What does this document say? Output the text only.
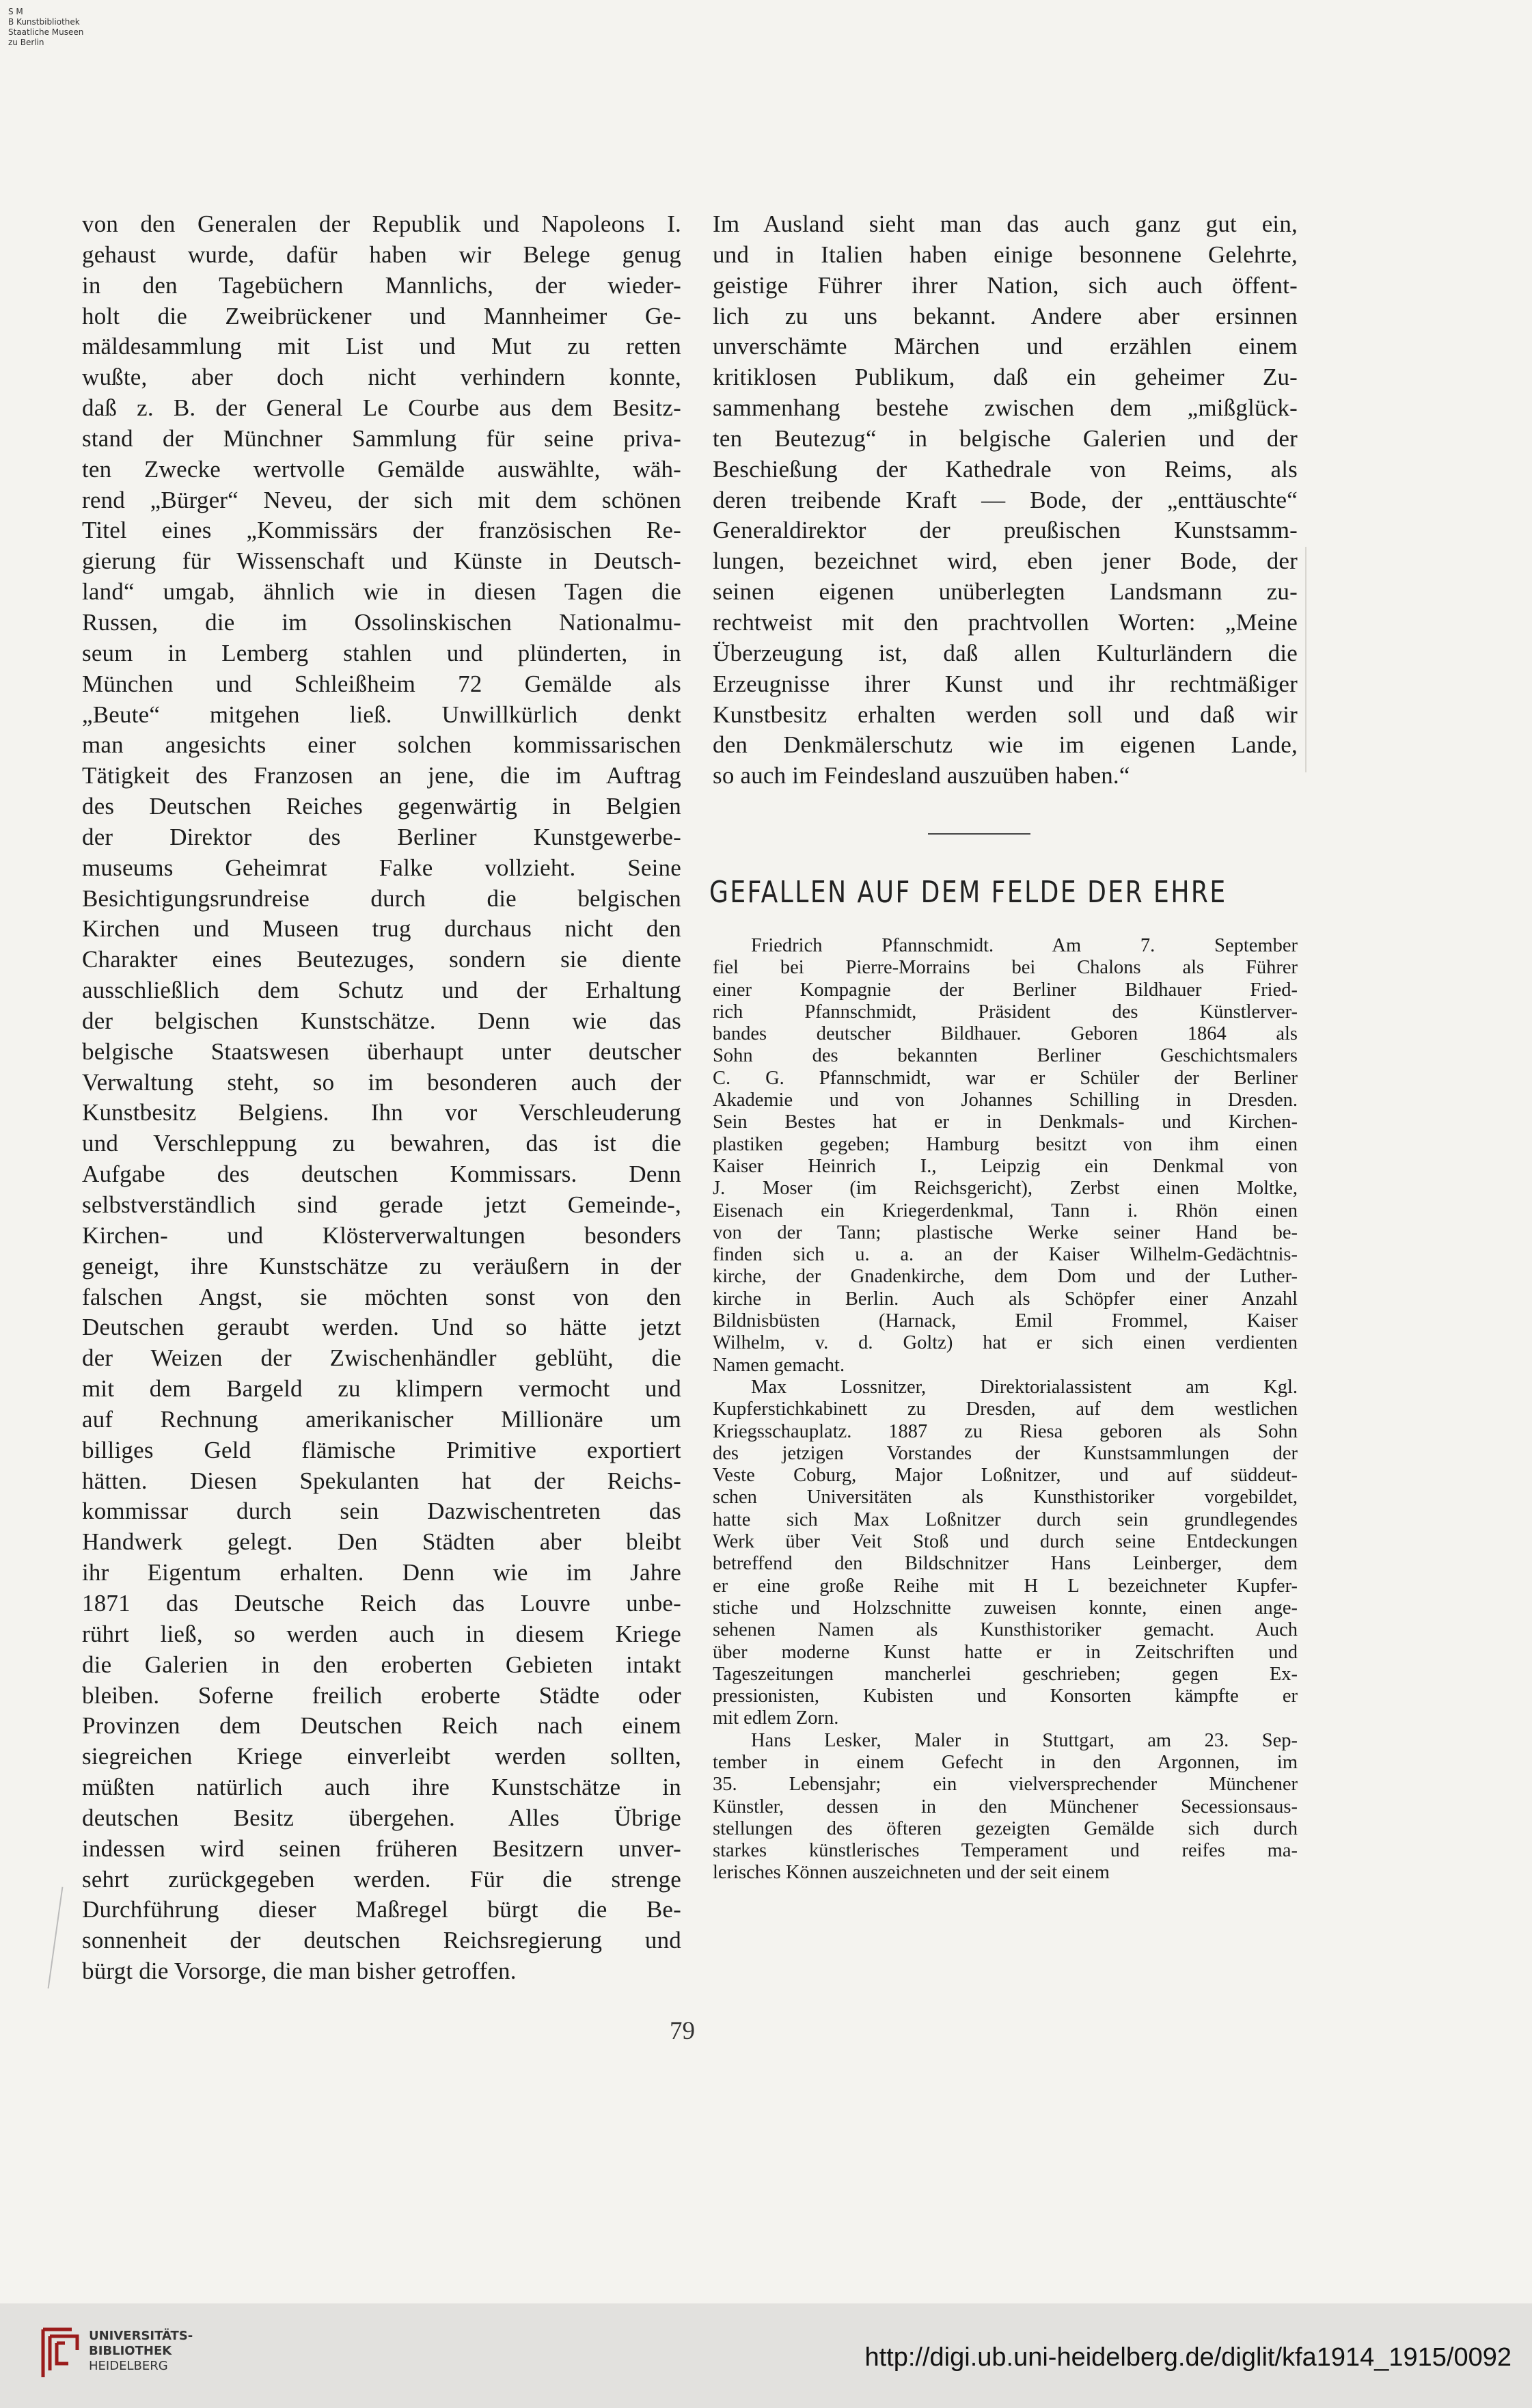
S M
B Kunstbibliothek
Staatliche Museen
zu Berlin
von den Generalen der Republik und Napoleons I.
gehaust wurde, dafür haben wir Belege genug
in den Tagebüchern Mannlichs, der wieder-
holt die Zweibrückener und Mannheimer Ge-
mäldesammlung mit List und Mut zu retten
wußte, aber doch nicht verhindern konnte,
daß z. B. der General Le Courbe aus dem Besitz-
stand der Münchner Sammlung für seine priva-
ten Zwecke wertvolle Gemälde auswählte, wäh-
rend „Bürger“ Neveu, der sich mit dem schönen
Titel eines „Kommissärs der französischen Re-
gierung für Wissenschaft und Künste in Deutsch-
land“ umgab, ähnlich wie in diesen Tagen die
Russen, die im Ossolinskischen Nationalmu-
seum in Lemberg stahlen und plünderten, in
München und Schleißheim 72 Gemälde als
„Beute“ mitgehen ließ. Unwillkürlich denkt
man angesichts einer solchen kommissarischen
Tätigkeit des Franzosen an jene, die im Auftrag
des Deutschen Reiches gegenwärtig in Belgien
der Direktor des Berliner Kunstgewerbe-
museums Geheimrat Falke vollzieht. Seine
Besichtigungsrundreise durch die belgischen
Kirchen und Museen trug durchaus nicht den
Charakter eines Beutezuges, sondern sie diente
ausschließlich dem Schutz und der Erhaltung
der belgischen Kunstschätze. Denn wie das
belgische Staatswesen überhaupt unter deutscher
Verwaltung steht, so im besonderen auch der
Kunstbesitz Belgiens. Ihn vor Verschleuderung
und Verschleppung zu bewahren, das ist die
Aufgabe des deutschen Kommissars. Denn
selbstverständlich sind gerade jetzt Gemeinde-,
Kirchen- und Klösterverwaltungen besonders
geneigt, ihre Kunstschätze zu veräußern in der
falschen Angst, sie möchten sonst von den
Deutschen geraubt werden. Und so hätte jetzt
der Weizen der Zwischenhändler geblüht, die
mit dem Bargeld zu klimpern vermocht und
auf Rechnung amerikanischer Millionäre um
billiges Geld flämische Primitive exportiert
hätten. Diesen Spekulanten hat der Reichs-
kommissar durch sein Dazwischentreten das
Handwerk gelegt. Den Städten aber bleibt
ihr Eigentum erhalten. Denn wie im Jahre
1871 das Deutsche Reich das Louvre unbe-
rührt ließ, so werden auch in diesem Kriege
die Galerien in den eroberten Gebieten intakt
bleiben. Soferne freilich eroberte Städte oder
Provinzen dem Deutschen Reich nach einem
siegreichen Kriege einverleibt werden sollten,
müßten natürlich auch ihre Kunstschätze in
deutschen Besitz übergehen. Alles Übrige
indessen wird seinen früheren Besitzern unver-
sehrt zurückgegeben werden. Für die strenge
Durchführung dieser Maßregel bürgt die Be-
sonnenheit der deutschen Reichsregierung und
bürgt die Vorsorge, die man bisher getroffen.
Im Ausland sieht man das auch ganz gut ein,
und in Italien haben einige besonnene Gelehrte,
geistige Führer ihrer Nation, sich auch öffent-
lich zu uns bekannt. Andere aber ersinnen
unverschämte Märchen und erzählen einem
kritiklosen Publikum, daß ein geheimer Zu-
sammenhang bestehe zwischen dem „mißglück-
ten Beutezug“ in belgische Galerien und der
Beschießung der Kathedrale von Reims, als
deren treibende Kraft — Bode, der „enttäuschte“
Generaldirektor der preußischen Kunstsamm-
lungen, bezeichnet wird, eben jener Bode, der
seinen eigenen unüberlegten Landsmann zu-
rechtweist mit den prachtvollen Worten: „Meine
Überzeugung ist, daß allen Kulturländern die
Erzeugnisse ihrer Kunst und ihr rechtmäßiger
Kunstbesitz erhalten werden soll und daß wir
den Denkmälerschutz wie im eigenen Lande,
so auch im Feindesland auszuüben haben.“
GEFALLEN AUF DEM FELDE DER EHRE
Friedrich Pfannschmidt. Am 7. September
fiel bei Pierre-Morrains bei Chalons als Führer
einer Kompagnie der Berliner Bildhauer Fried-
rich Pfannschmidt, Präsident des Künstlerver-
bandes deutscher Bildhauer. Geboren 1864 als
Sohn des bekannten Berliner Geschichtsmalers
C. G. Pfannschmidt, war er Schüler der Berliner
Akademie und von Johannes Schilling in Dresden.
Sein Bestes hat er in Denkmals- und Kirchen-
plastiken gegeben; Hamburg besitzt von ihm einen
Kaiser Heinrich I., Leipzig ein Denkmal von
J. Moser (im Reichsgericht), Zerbst einen Moltke,
Eisenach ein Kriegerdenkmal, Tann i. Rhön einen
von der Tann; plastische Werke seiner Hand be-
finden sich u. a. an der Kaiser Wilhelm-Gedächtnis-
kirche, der Gnadenkirche, dem Dom und der Luther-
kirche in Berlin. Auch als Schöpfer einer Anzahl
Bildnisbüsten (Harnack, Emil Frommel, Kaiser
Wilhelm, v. d. Goltz) hat er sich einen verdienten
Namen gemacht.
Max Lossnitzer, Direktorialassistent am Kgl.
Kupferstichkabinett zu Dresden, auf dem westlichen
Kriegsschauplatz. 1887 zu Riesa geboren als Sohn
des jetzigen Vorstandes der Kunstsammlungen der
Veste Coburg, Major Loßnitzer, und auf süddeut-
schen Universitäten als Kunsthistoriker vorgebildet,
hatte sich Max Loßnitzer durch sein grundlegendes
Werk über Veit Stoß und durch seine Entdeckungen
betreffend den Bildschnitzer Hans Leinberger, dem
er eine große Reihe mit H L bezeichneter Kupfer-
stiche und Holzschnitte zuweisen konnte, einen ange-
sehenen Namen als Kunsthistoriker gemacht. Auch
über moderne Kunst hatte er in Zeitschriften und
Tageszeitungen mancherlei geschrieben; gegen Ex-
pressionisten, Kubisten und Konsorten kämpfte er
mit edlem Zorn.
Hans Lesker, Maler in Stuttgart, am 23. Sep-
tember in einem Gefecht in den Argonnen, im
35. Lebensjahr; ein vielversprechender Münchener
Künstler, dessen in den Münchener Secessionsaus-
stellungen des öfteren gezeigten Gemälde sich durch
starkes künstlerisches Temperament und reifes ma-
lerisches Können auszeichneten und der seit einem
79
UNIVERSITÄTS-
BIBLIOTHEK
HEIDELBERG	http://digi.ub.uni-heidelberg.de/diglit/kfa1914_1915/0092
